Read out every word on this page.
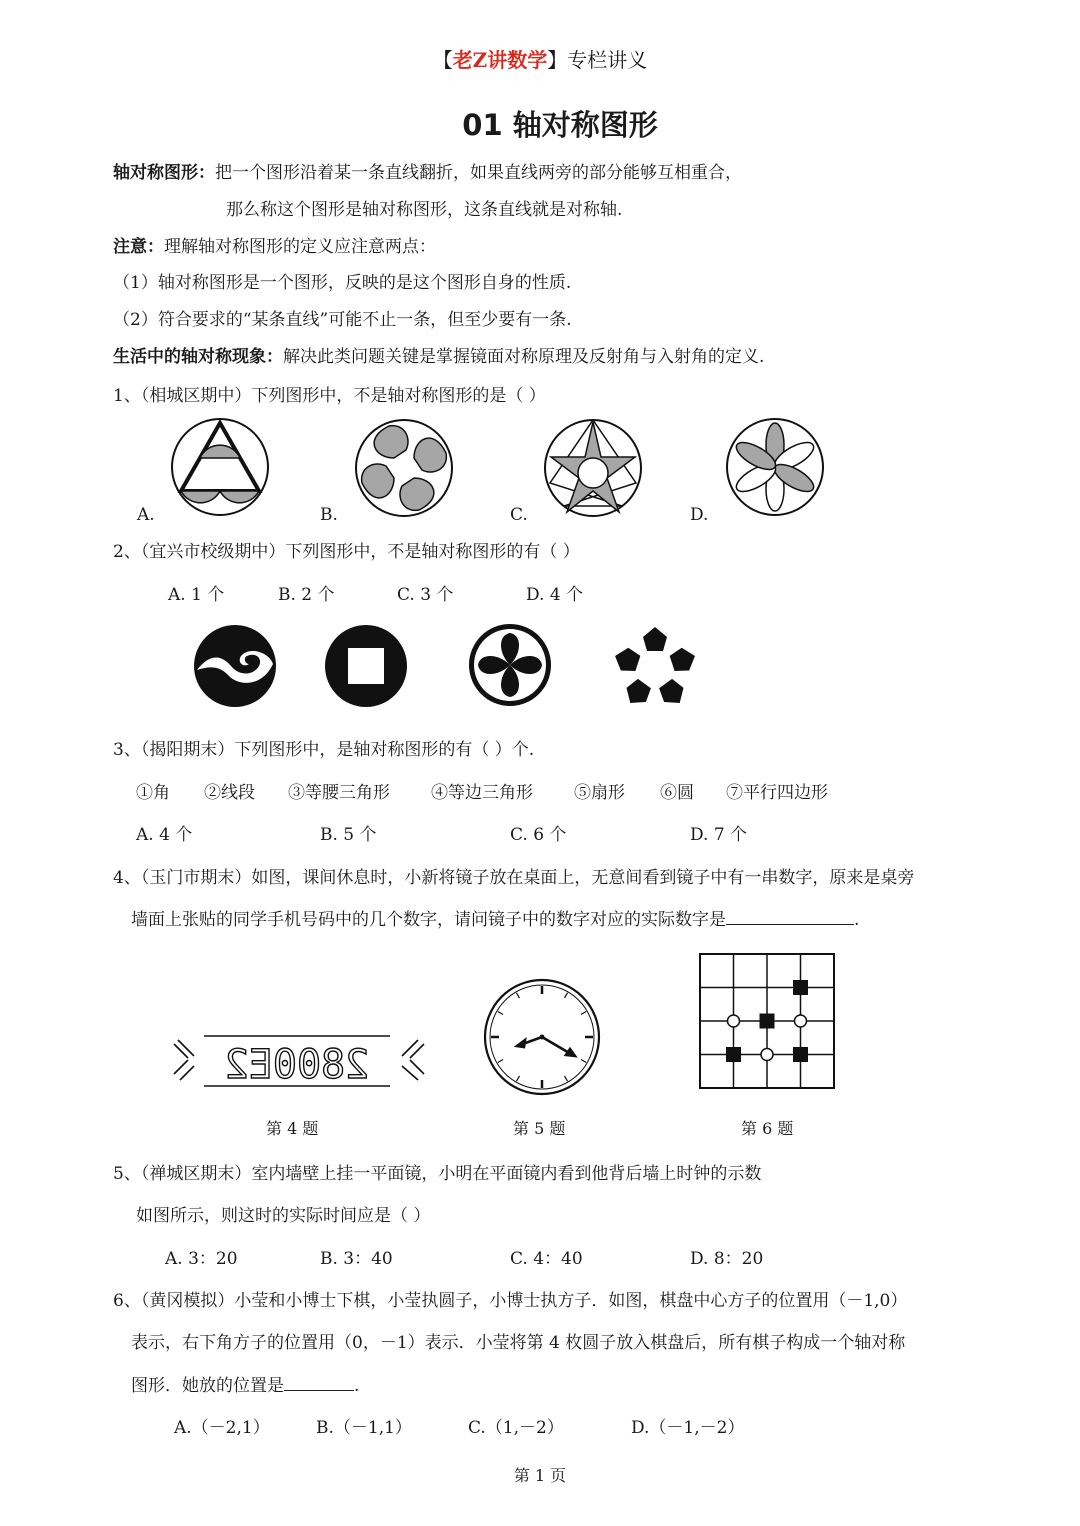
【老Z讲数学】专栏讲义
01 轴对称图形
轴对称图形：把一个图形沿着某一条直线翻折，如果直线两旁的部分能够互相重合，
那么称这个图形是轴对称图形，这条直线就是对称轴.
注意：理解轴对称图形的定义应注意两点：
（1）轴对称图形是一个图形，反映的是这个图形自身的性质.
（2）符合要求的“某条直线”可能不止一条，但至少要有一条.
生活中的轴对称现象：解决此类问题关键是掌握镜面对称原理及反射角与入射角的定义.
1、（相城区期中）下列图形中，不是轴对称图形的是（ ）
A.	B.	C.	D.
2、（宜兴市校级期中）下列图形中，不是轴对称图形的有（ ）
A. 1 个	B. 2 个	C. 3 个	D. 4 个
3、（揭阳期末）下列图形中，是轴对称图形的有（ ）个.
①角 ②线段 ③等腰三角形 ④等边三角形 ⑤扇形 ⑥圆 ⑦平行四边形
A. 4 个	B. 5 个	C. 6 个	D. 7 个
4、（玉门市期末）如图，课间休息时，小新将镜子放在桌面上，无意间看到镜子中有一串数字，原来是桌旁
墙面上张贴的同学手机号码中的几个数字，请问镜子中的数字对应的实际数字是	.
2800E2
第 4 题	第 5 题	第 6 题
5、（禅城区期末）室内墙壁上挂一平面镜，小明在平面镜内看到他背后墙上时钟的示数
如图所示，则这时的实际时间应是（ ）
A. 3：20	B. 3：40	C. 4：40	D. 8：20
6、（黄冈模拟）小莹和小博士下棋，小莹执圆子，小博士执方子．如图，棋盘中心方子的位置用（－1,0）
表示，右下角方子的位置用（0，－1）表示．小莹将第 4 枚圆子放入棋盘后，所有棋子构成一个轴对称
图形．她放的位置是	.
A.（－2,1）	B.（－1,1）	C.（1,－2）	D.（－1,－2）
第 1 页
